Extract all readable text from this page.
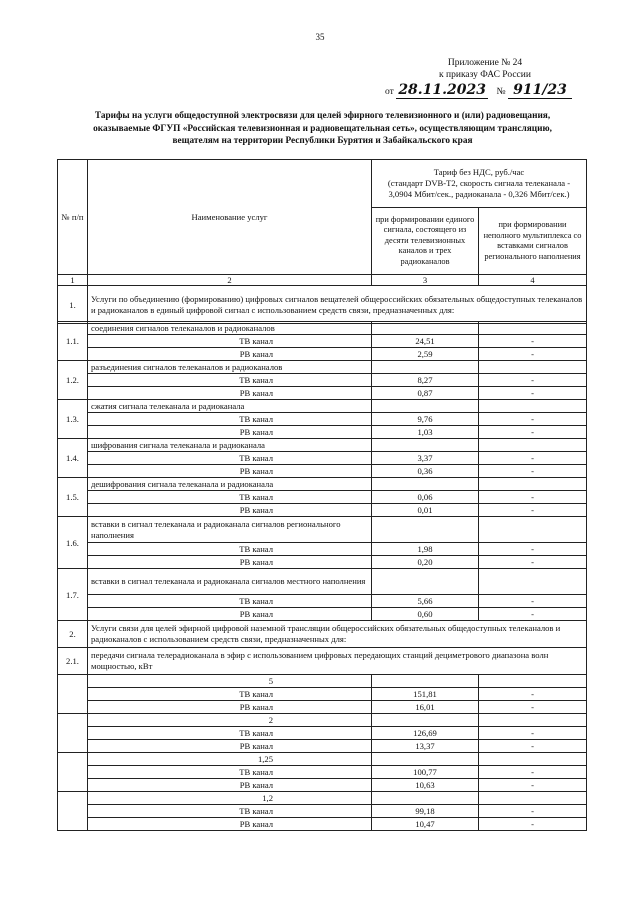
35
Приложение № 24
к приказу ФАС России
от 28.11.2023 № 911/23
Тарифы на услуги общедоступной электросвязи для целей эфирного телевизионного и (или) радиовещания,
оказываемые ФГУП «Российская телевизионная и радиовещательная сеть», осуществляющим трансляцию,
вещателям на территории Республики Бурятия и Забайкальского края
№ п/п	Наименование услуг	Тариф без НДС, руб./час
(стандарт DVB-T2, скорость сигнала телеканала -
3,0904 Мбит/сек., радиоканала - 0,326 Мбит/сек.)	

		при формировании единого сигнала, состоящего из десяти телевизионных каналов и трех радиоканалов	при формировании неполного мультиплекса со вставками сигналов регионального наполнения
1	2	3	4
1.	Услуги по объединению (формированию) цифровых сигналов вещателей общероссийских обязательных общедоступных телеканалов и радиоканалов в единый цифровой сигнал с использованием средств связи, предназначенных для:		
1.1.	соединения сигналов телеканалов и радиоканалов		
	ТВ канал	24,51	-
	РВ канал	2,59	-
1.2.	разъединения сигналов телеканалов и радиоканалов		
	ТВ канал	8,27	-
	РВ канал	0,87	-
1.3.	сжатия сигнала телеканала и радиоканала		
	ТВ канал	9,76	-
	РВ канал	1,03	-
1.4.	шифрования сигнала телеканала и радиоканала		
	ТВ канал	3,37	-
	РВ канал	0,36	-
1.5.	дешифрования сигнала телеканала и радиоканала		
	ТВ канал	0,06	-
	РВ канал	0,01	-
1.6.	вставки в сигнал телеканала и радиоканала сигналов регионального наполнения		
	ТВ канал	1,98	-
	РВ канал	0,20	-
1.7.	вставки в сигнал телеканала и радиоканала сигналов местного наполнения		
	ТВ канал	5,66	-
	РВ канал	0,60	-
2.	Услуги связи для целей эфирной цифровой наземной трансляции общероссийских обязательных общедоступных телеканалов и радиоканалов с использованием средств связи, предназначенных для:		
2.1.	передачи сигнала телерадиоканала в эфир с использованием цифровых передающих станций дециметрового диапазона волн мощностью, кВт		
	5		
	ТВ канал	151,81	-
	РВ канал	16,01	-
	2		
	ТВ канал	126,69	-
	РВ канал	13,37	-
	1,25		
	ТВ канал	100,77	-
	РВ канал	10,63	-
	1,2		
	ТВ канал	99,18	-
	РВ канал	10,47	-
